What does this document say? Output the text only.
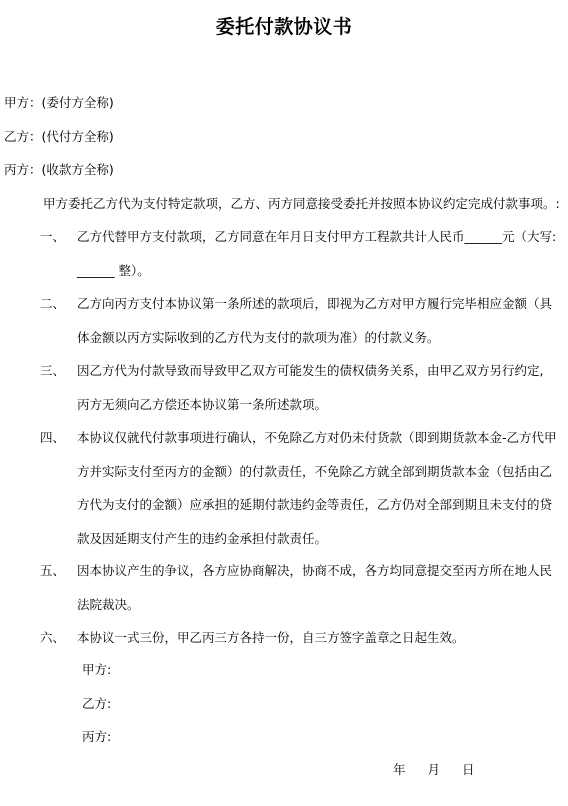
委托付款协议书
甲方：(委付方全称)
乙方：(代付方全称)
丙方：(收款方全称)
甲方委托乙方代为支付特定款项，乙方、丙方同意接受委托并按照本协议约定完成付款事项。:
一、 乙方代替甲方支付款项，乙方同意在年月日支付甲方工程款共计人民币______元（大写:
______ 整）。
二、 乙方向丙方支付本协议第一条所述的款项后，即视为乙方对甲方履行完毕相应金额（具
体金额以丙方实际收到的乙方代为支付的款项为准）的付款义务。
三、 因乙方代为付款导致而导致甲乙双方可能发生的债权债务关系，由甲乙双方另行约定,
丙方无须向乙方偿还本协议第一条所述款项。
四、 本协议仅就代付款事项进行确认，不免除乙方对仍未付货款（即到期货款本金-乙方代甲
方并实际支付至丙方的金额）的付款责任，不免除乙方就全部到期货款本金（包括由乙
方代为支付的金额）应承担的延期付款违约金等责任，乙方仍对全部到期且未支付的贷
款及因延期支付产生的违约金承担付款责任。
五、 因本协议产生的争议，各方应协商解决，协商不成，各方均同意提交至丙方所在地人民
法院裁决。
六、 本协议一式三份，甲乙丙三方各持一份，自三方签字盖章之日起生效。
甲方:
乙方:
丙方:
年 月 日
